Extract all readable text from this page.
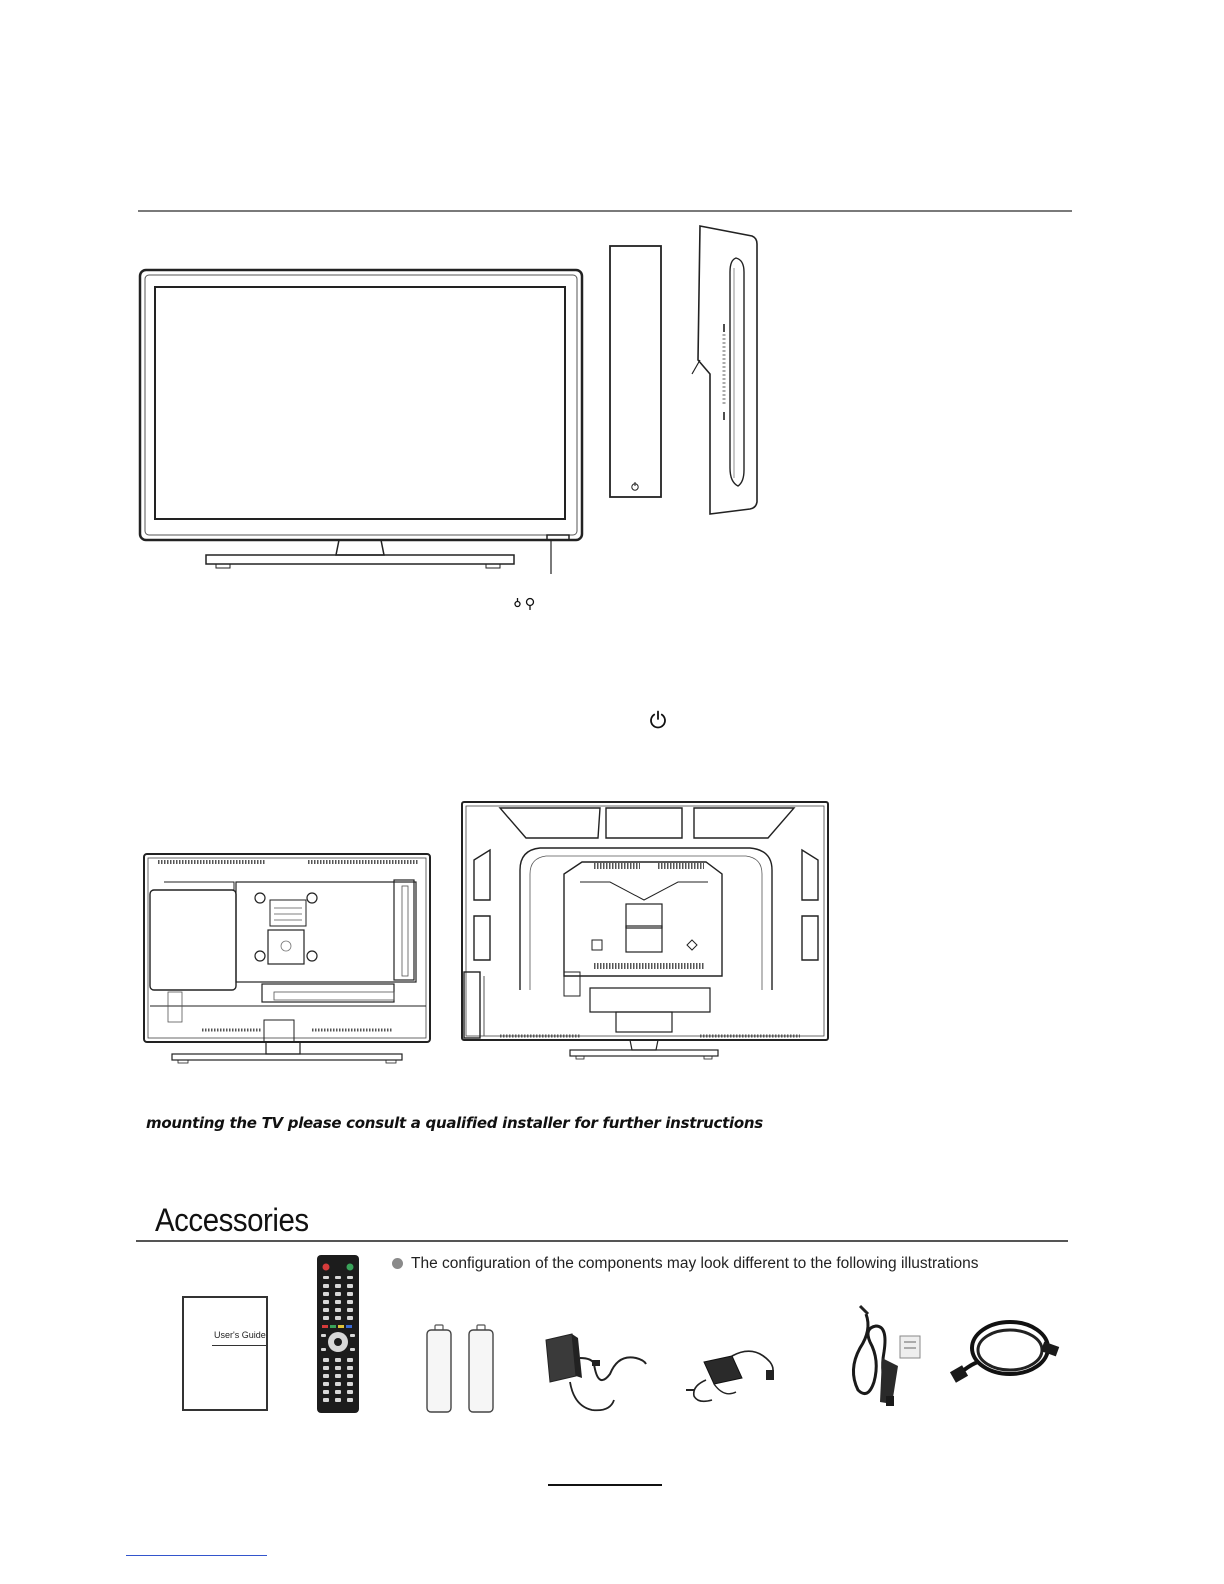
mounting the TV please consult a qualified installer for further instructions
Accessories
The configuration of the components may look different to the following illustrations
User's Guide
